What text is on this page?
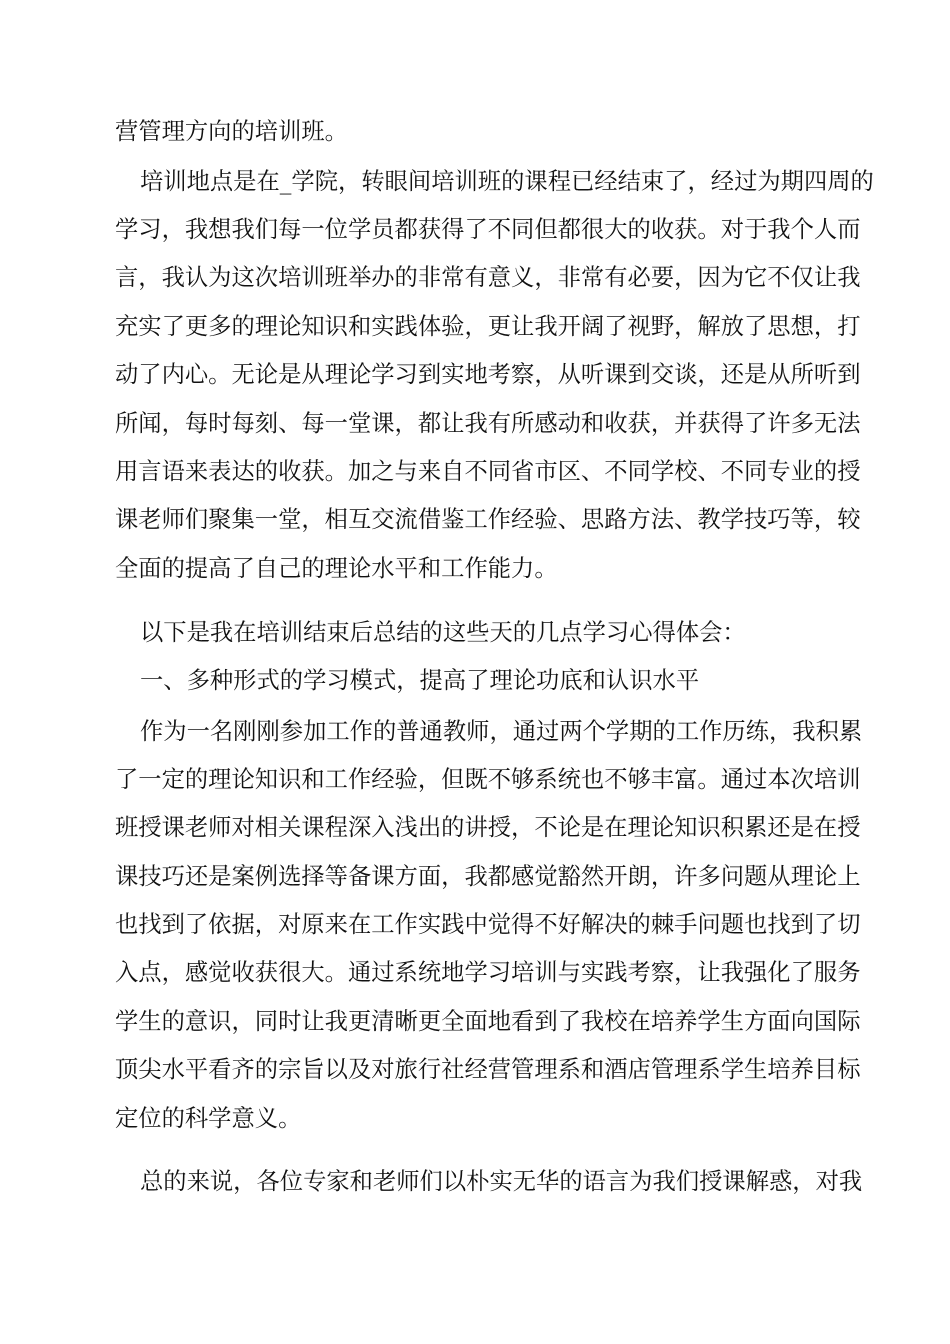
营管理方向的培训班。
培训地点是在_学院，转眼间培训班的课程已经结束了，经过为期四周的
学习，我想我们每一位学员都获得了不同但都很大的收获。对于我个人而
言，我认为这次培训班举办的非常有意义，非常有必要，因为它不仅让我
充实了更多的理论知识和实践体验，更让我开阔了视野，解放了思想，打
动了内心。无论是从理论学习到实地考察，从听课到交谈，还是从所听到
所闻，每时每刻、每一堂课，都让我有所感动和收获，并获得了许多无法
用言语来表达的收获。加之与来自不同省市区、不同学校、不同专业的授
课老师们聚集一堂，相互交流借鉴工作经验、思路方法、教学技巧等，较
全面的提高了自己的理论水平和工作能力。
以下是我在培训结束后总结的这些天的几点学习心得体会：
一、多种形式的学习模式，提高了理论功底和认识水平
作为一名刚刚参加工作的普通教师，通过两个学期的工作历练，我积累
了一定的理论知识和工作经验，但既不够系统也不够丰富。通过本次培训
班授课老师对相关课程深入浅出的讲授，不论是在理论知识积累还是在授
课技巧还是案例选择等备课方面，我都感觉豁然开朗，许多问题从理论上
也找到了依据，对原来在工作实践中觉得不好解决的棘手问题也找到了切
入点，感觉收获很大。通过系统地学习培训与实践考察，让我强化了服务
学生的意识，同时让我更清晰更全面地看到了我校在培养学生方面向国际
顶尖水平看齐的宗旨以及对旅行社经营管理系和酒店管理系学生培养目标
定位的科学意义。
总的来说，各位专家和老师们以朴实无华的语言为我们授课解惑，对我
